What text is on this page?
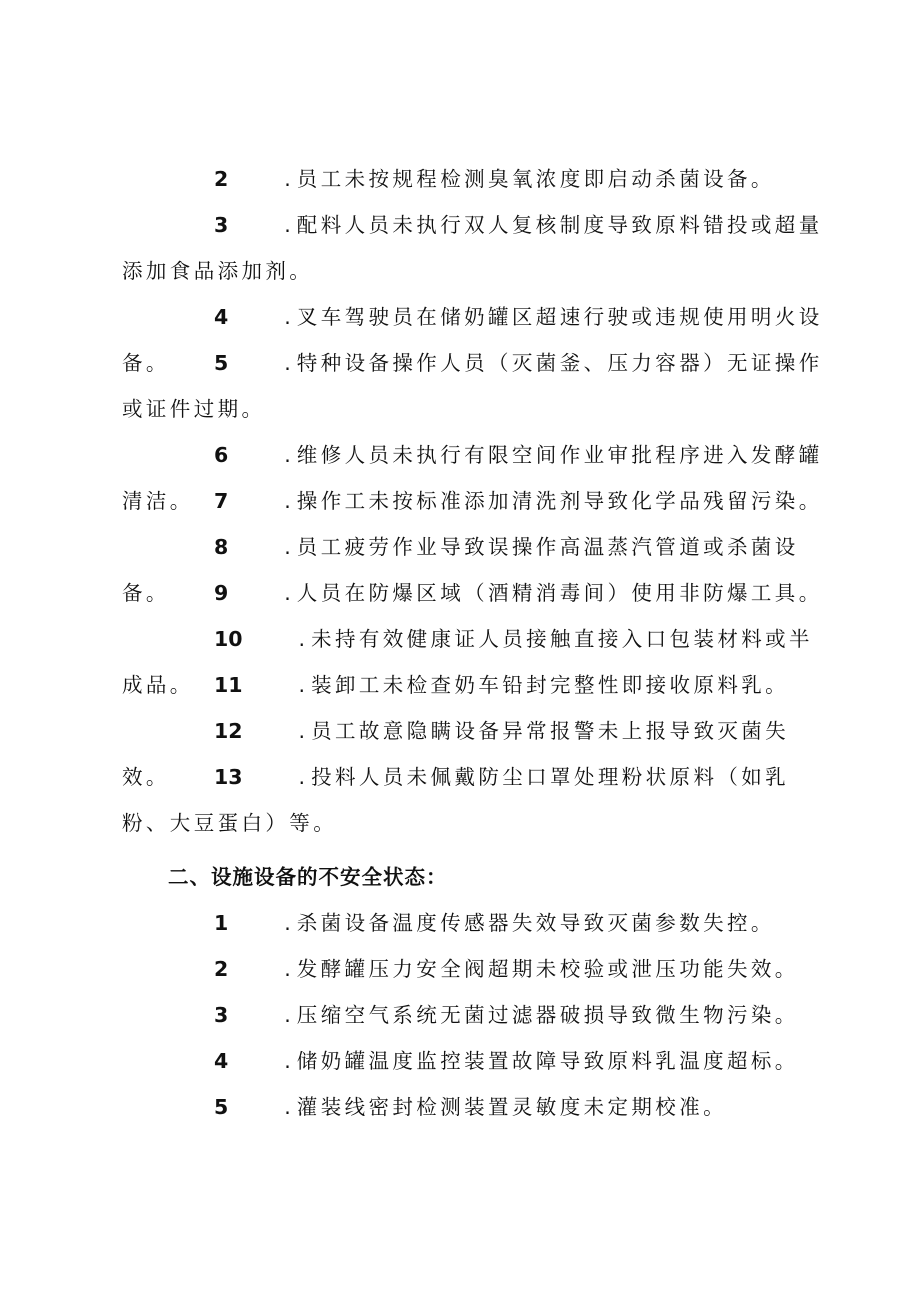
2	. 员工未按规程检测臭氧浓度即启动杀菌设备。

3	. 配料人员未执行双人复核制度导致原料错投或超量添加食品添加剂。

4	. 叉车驾驶员在储奶罐区超速行驶或违规使用明火设备。	5	. 特种设备操作人员（灭菌釜、压力容器）无证操作或证件过期。

6	. 维修人员未执行有限空间作业审批程序进入发酵罐清洁。 7	. 操作工未按标准添加清洗剂导致化学品残留污染。

8	. 员工疲劳作业导致误操作高温蒸汽管道或杀菌设备。	9	. 人员在防爆区域（酒精消毒间）使用非防爆工具。

10	. 未持有效健康证人员接触直接入口包装材料或半成品。 11	. 装卸工未检查奶车铅封完整性即接收原料乳。

12	. 员工故意隐瞒设备异常报警未上报导致灭菌失效。	13	. 投料人员未佩戴防尘口罩处理粉状原料（如乳粉、大豆蛋白）等。

二、设施设备的不安全状态：

1	. 杀菌设备温度传感器失效导致灭菌参数失控。

2	. 发酵罐压力安全阀超期未校验或泄压功能失效。

3	. 压缩空气系统无菌过滤器破损导致微生物污染。

4	. 储奶罐温度监控装置故障导致原料乳温度超标。

5	. 灌装线密封检测装置灵敏度未定期校准。
